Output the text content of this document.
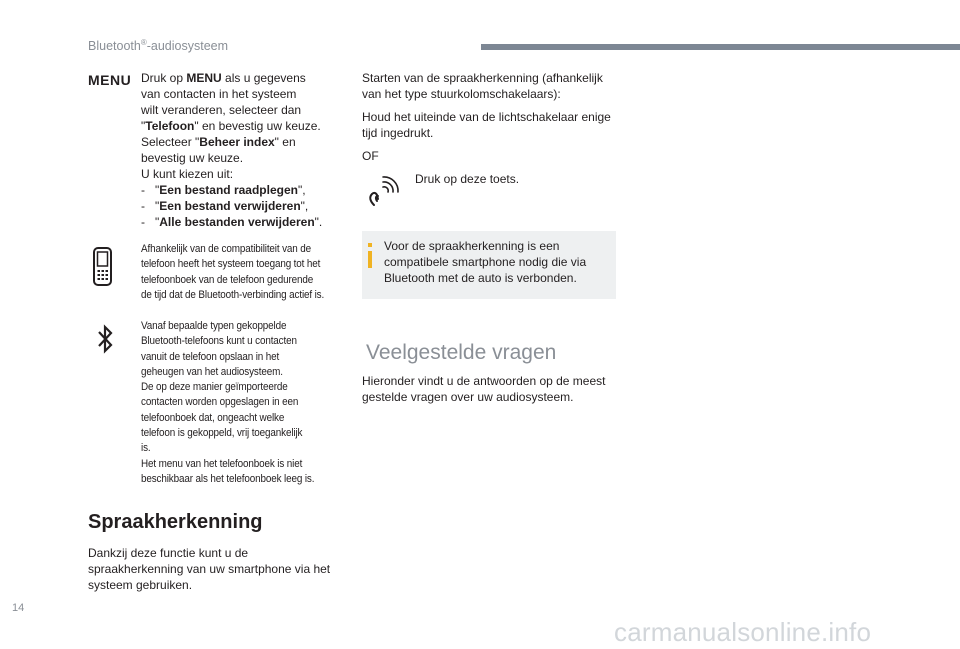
Bluetooth®-audiosysteem
MENU Druk op MENU als u gegevens
van contacten in het systeem
wilt veranderen, selecteer dan
"Telefoon" en bevestig uw keuze.
Selecteer "Beheer index" en
bevestig uw keuze.
U kunt kiezen uit:
- "Een bestand raadplegen",
- "Een bestand verwijderen",
- "Alle bestanden verwijderen".
Afhankelijk van de compatibiliteit van de
telefoon heeft het systeem toegang tot het
telefoonboek van de telefoon gedurende
de tijd dat de Bluetooth-verbinding actief is.
Vanaf bepaalde typen gekoppelde
Bluetooth-telefoons kunt u contacten
vanuit de telefoon opslaan in het
geheugen van het audiosysteem.
De op deze manier geïmporteerde
contacten worden opgeslagen in een
telefoonboek dat, ongeacht welke
telefoon is gekoppeld, vrij toegankelijk
is.
Het menu van het telefoonboek is niet
beschikbaar als het telefoonboek leeg is.
Spraakherkenning
Dankzij deze functie kunt u de
spraakherkenning van uw smartphone via het
systeem gebruiken.
Starten van de spraakherkenning (afhankelijk
van het type stuurkolomschakelaars):
Houd het uiteinde van de lichtschakelaar enige
tijd ingedrukt.
OF
Druk op deze toets.
Voor de spraakherkenning is een
compatibele smartphone nodig die via
Bluetooth met de auto is verbonden.
Veelgestelde vragen
Hieronder vindt u de antwoorden op de meest
gestelde vragen over uw audiosysteem.
14
carmanualsonline.info
